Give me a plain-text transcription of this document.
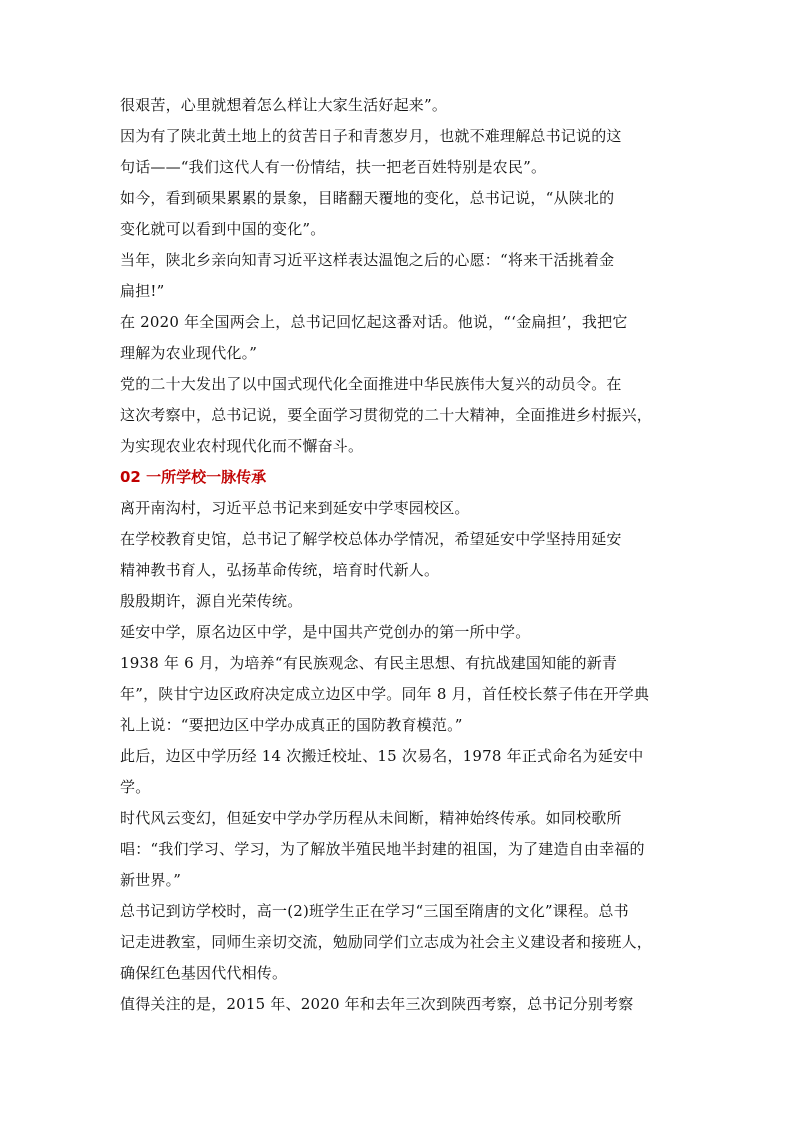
很艰苦，心里就想着怎么样让大家生活好起来”。
因为有了陕北黄土地上的贫苦日子和青葱岁月，也就不难理解总书记说的这
句话——“我们这代人有一份情结，扶一把老百姓特别是农民”。
如今，看到硕果累累的景象，目睹翻天覆地的变化，总书记说，“从陕北的
变化就可以看到中国的变化”。
当年，陕北乡亲向知青习近平这样表达温饱之后的心愿：“将来干活挑着金
扁担!”
在 2020 年全国两会上，总书记回忆起这番对话。他说，“‘金扁担’，我把它
理解为农业现代化。”
党的二十大发出了以中国式现代化全面推进中华民族伟大复兴的动员令。在
这次考察中，总书记说，要全面学习贯彻党的二十大精神，全面推进乡村振兴，
为实现农业农村现代化而不懈奋斗。
02 一所学校一脉传承
离开南沟村，习近平总书记来到延安中学枣园校区。
在学校教育史馆，总书记了解学校总体办学情况，希望延安中学坚持用延安
精神教书育人，弘扬革命传统，培育时代新人。
殷殷期许，源自光荣传统。
延安中学，原名边区中学，是中国共产党创办的第一所中学。
1938 年 6 月，为培养“有民族观念、有民主思想、有抗战建国知能的新青
年”，陕甘宁边区政府决定成立边区中学。同年 8 月，首任校长蔡子伟在开学典
礼上说：“要把边区中学办成真正的国防教育模范。”
此后，边区中学历经 14 次搬迁校址、15 次易名，1978 年正式命名为延安中
学。
时代风云变幻，但延安中学办学历程从未间断，精神始终传承。如同校歌所
唱：“我们学习、学习，为了解放半殖民地半封建的祖国，为了建造自由幸福的
新世界。”
总书记到访学校时，高一(2)班学生正在学习“三国至隋唐的文化”课程。总书
记走进教室，同师生亲切交流，勉励同学们立志成为社会主义建设者和接班人，
确保红色基因代代相传。
值得关注的是，2015 年、2020 年和去年三次到陕西考察，总书记分别考察
